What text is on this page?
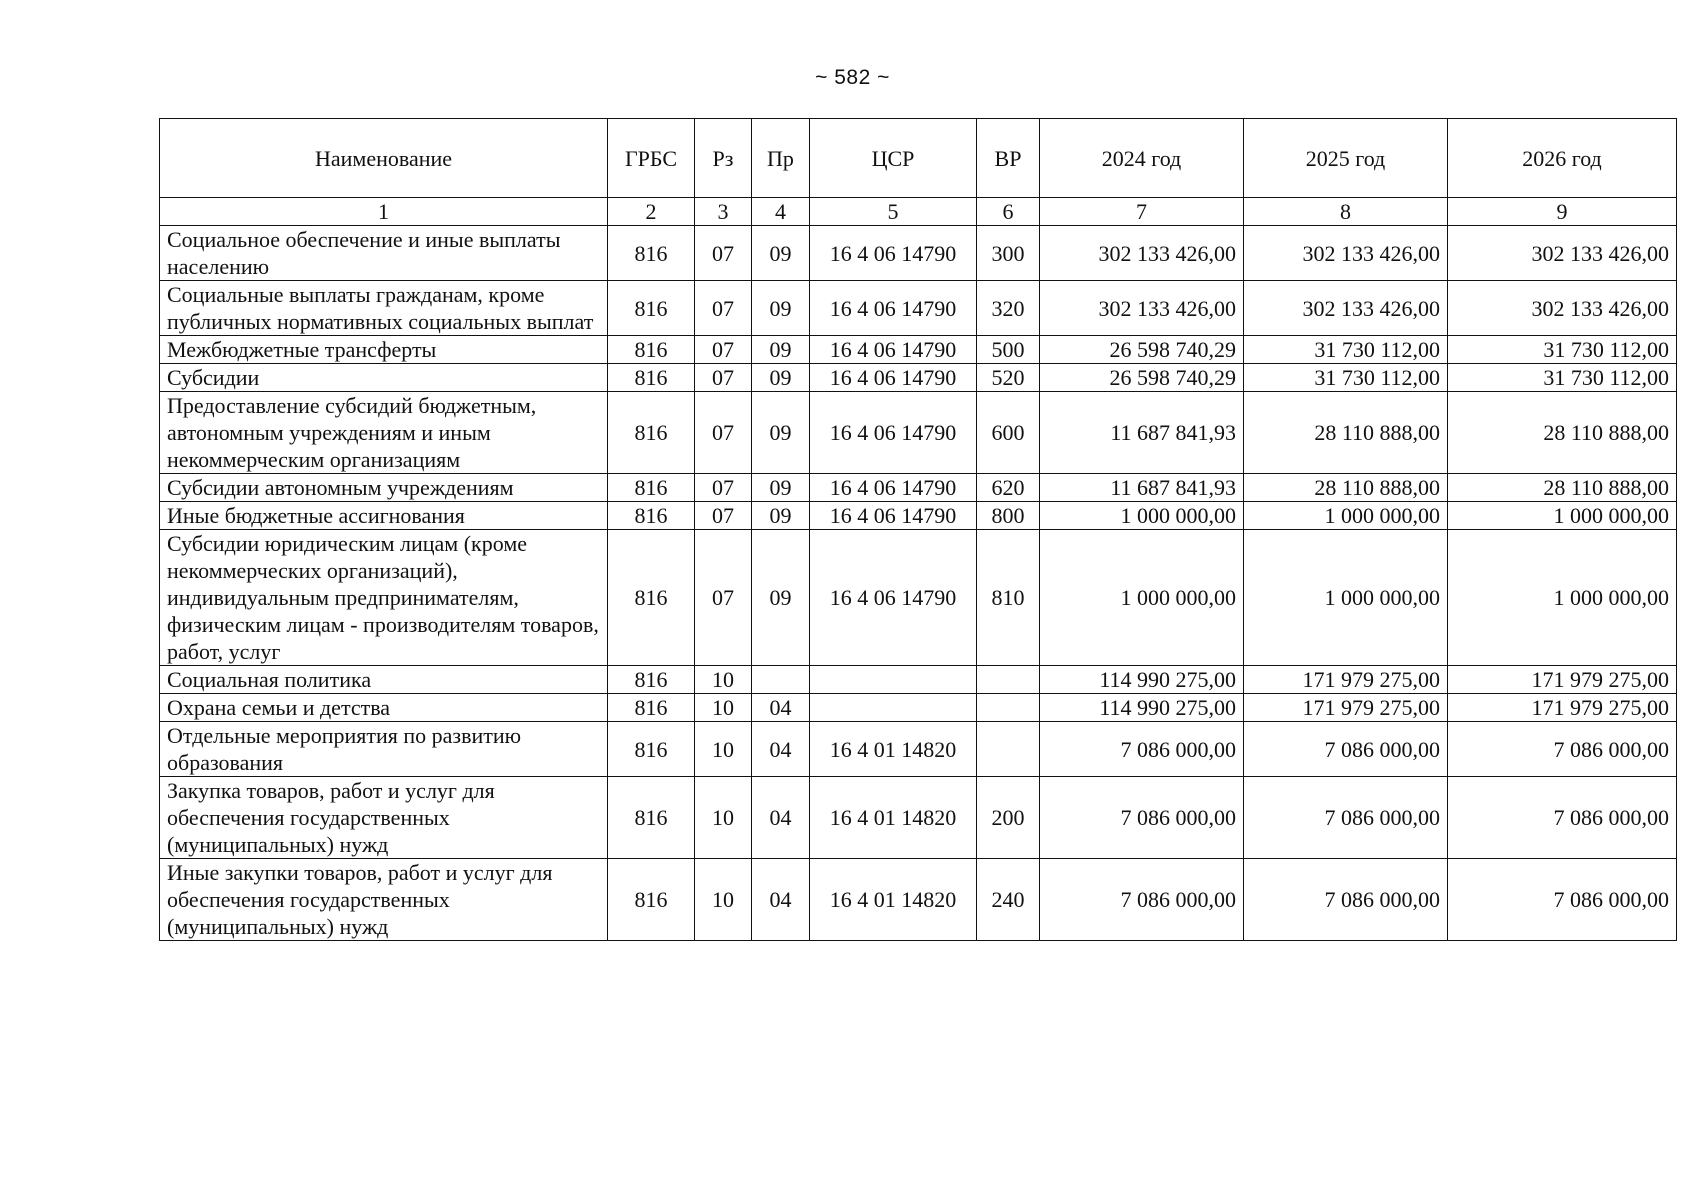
~ 582 ~
Наименование	ГРБС	Рз	Пр	ЦСР	ВР	2024 год	2025 год	2026 год
1	2	3	4	5	6	7	8	9
Социальное обеспечение и иные выплаты населению	816	07	09	16 4 06 14790	300	302 133 426,00	302 133 426,00	302 133 426,00
Социальные выплаты гражданам, кроме публичных нормативных социальных выплат	816	07	09	16 4 06 14790	320	302 133 426,00	302 133 426,00	302 133 426,00
Межбюджетные трансферты	816	07	09	16 4 06 14790	500	26 598 740,29	31 730 112,00	31 730 112,00
Субсидии	816	07	09	16 4 06 14790	520	26 598 740,29	31 730 112,00	31 730 112,00
Предоставление субсидий бюджетным, автономным учреждениям и иным некоммерческим организациям	816	07	09	16 4 06 14790	600	11 687 841,93	28 110 888,00	28 110 888,00
Субсидии автономным учреждениям	816	07	09	16 4 06 14790	620	11 687 841,93	28 110 888,00	28 110 888,00
Иные бюджетные ассигнования	816	07	09	16 4 06 14790	800	1 000 000,00	1 000 000,00	1 000 000,00
Субсидии юридическим лицам (кроме некоммерческих организаций), индивидуальным предпринимателям, физическим лицам - производителям товаров, работ, услуг	816	07	09	16 4 06 14790	810	1 000 000,00	1 000 000,00	1 000 000,00
Социальная политика	816	10				114 990 275,00	171 979 275,00	171 979 275,00
Охрана семьи и детства	816	10	04			114 990 275,00	171 979 275,00	171 979 275,00
Отдельные мероприятия по развитию образования	816	10	04	16 4 01 14820		7 086 000,00	7 086 000,00	7 086 000,00
Закупка товаров, работ и услуг для обеспечения государственных (муниципальных) нужд	816	10	04	16 4 01 14820	200	7 086 000,00	7 086 000,00	7 086 000,00
Иные закупки товаров, работ и услуг для обеспечения государственных (муниципальных) нужд	816	10	04	16 4 01 14820	240	7 086 000,00	7 086 000,00	7 086 000,00
